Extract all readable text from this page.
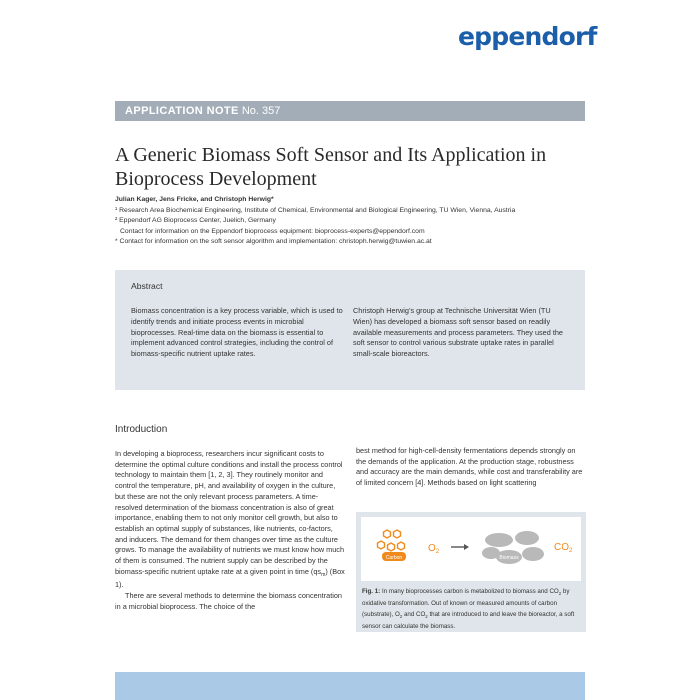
eppendorf
APPLICATION NOTE No. 357
A Generic Biomass Soft Sensor and Its Application in Bioprocess Development
Julian Kager, Jens Fricke, and Christoph Herwig*
¹ Research Area Biochemical Engineering, Institute of Chemical, Environmental and Biological Engineering, TU Wien, Vienna, Austria
² Eppendorf AG Bioprocess Center, Juelich, Germany
Contact for information on the Eppendorf bioprocess equipment: bioprocess-experts@eppendorf.com
* Contact for information on the soft sensor algorithm and implementation: christoph.herwig@tuwien.ac.at
Abstract
Biomass concentration is a key process variable, which is used to identify trends and initiate process events in microbial bioprocesses. Real-time data on the biomass is essential to implement advanced control strategies, including the control of biomass-specific nutrient uptake rates.
Christoph Herwig’s group at Technische Universität Wien (TU Wien) has developed a biomass soft sensor based on readily available measurements and process parameters. They used the soft sensor to control various substrate uptake rates in parallel small-scale bioreactors.
Introduction

In developing a bioprocess, researchers incur significant costs to determine the optimal culture conditions and install the process control technology to maintain them [1, 2, 3]. They routinely monitor and control the temperature, pH, and availability of oxygen in the culture, but these are not the only relevant process parameters. A time-resolved determination of the biomass concentration is also of great importance, enabling them to not only monitor cell growth, but also to establish an optimal supply of substances, like nutrients, co-factors, and inducers. The demand for them changes over time as the culture grows. To manage the availability of nutrients we must know how much of them is consumed. The nutrient supply can be described by the biomass-specific nutrient uptake rate at a given point in time $(qs_m)$ (Box 1).

There are several methods to determine the biomass concentration in a microbial bioprocess. The choice of the

best method for high-cell-density fermentations depends strongly on the demands of the application. At the production stage, robustness and accuracy are the main demands, while cost and transferability are of limited concern [4]. Methods based on light scattering
Carbon
$O_2$
Biomass
$CO_2$
Fig. 1: In many bioprocesses carbon is metabolized to biomass and $CO_2$ by oxidative transformation. Out of known or measured amounts of carbon (substrate), $O_2$ and $CO_2$ that are introduced to and leave the bioreactor, a soft sensor can calculate the biomass.
